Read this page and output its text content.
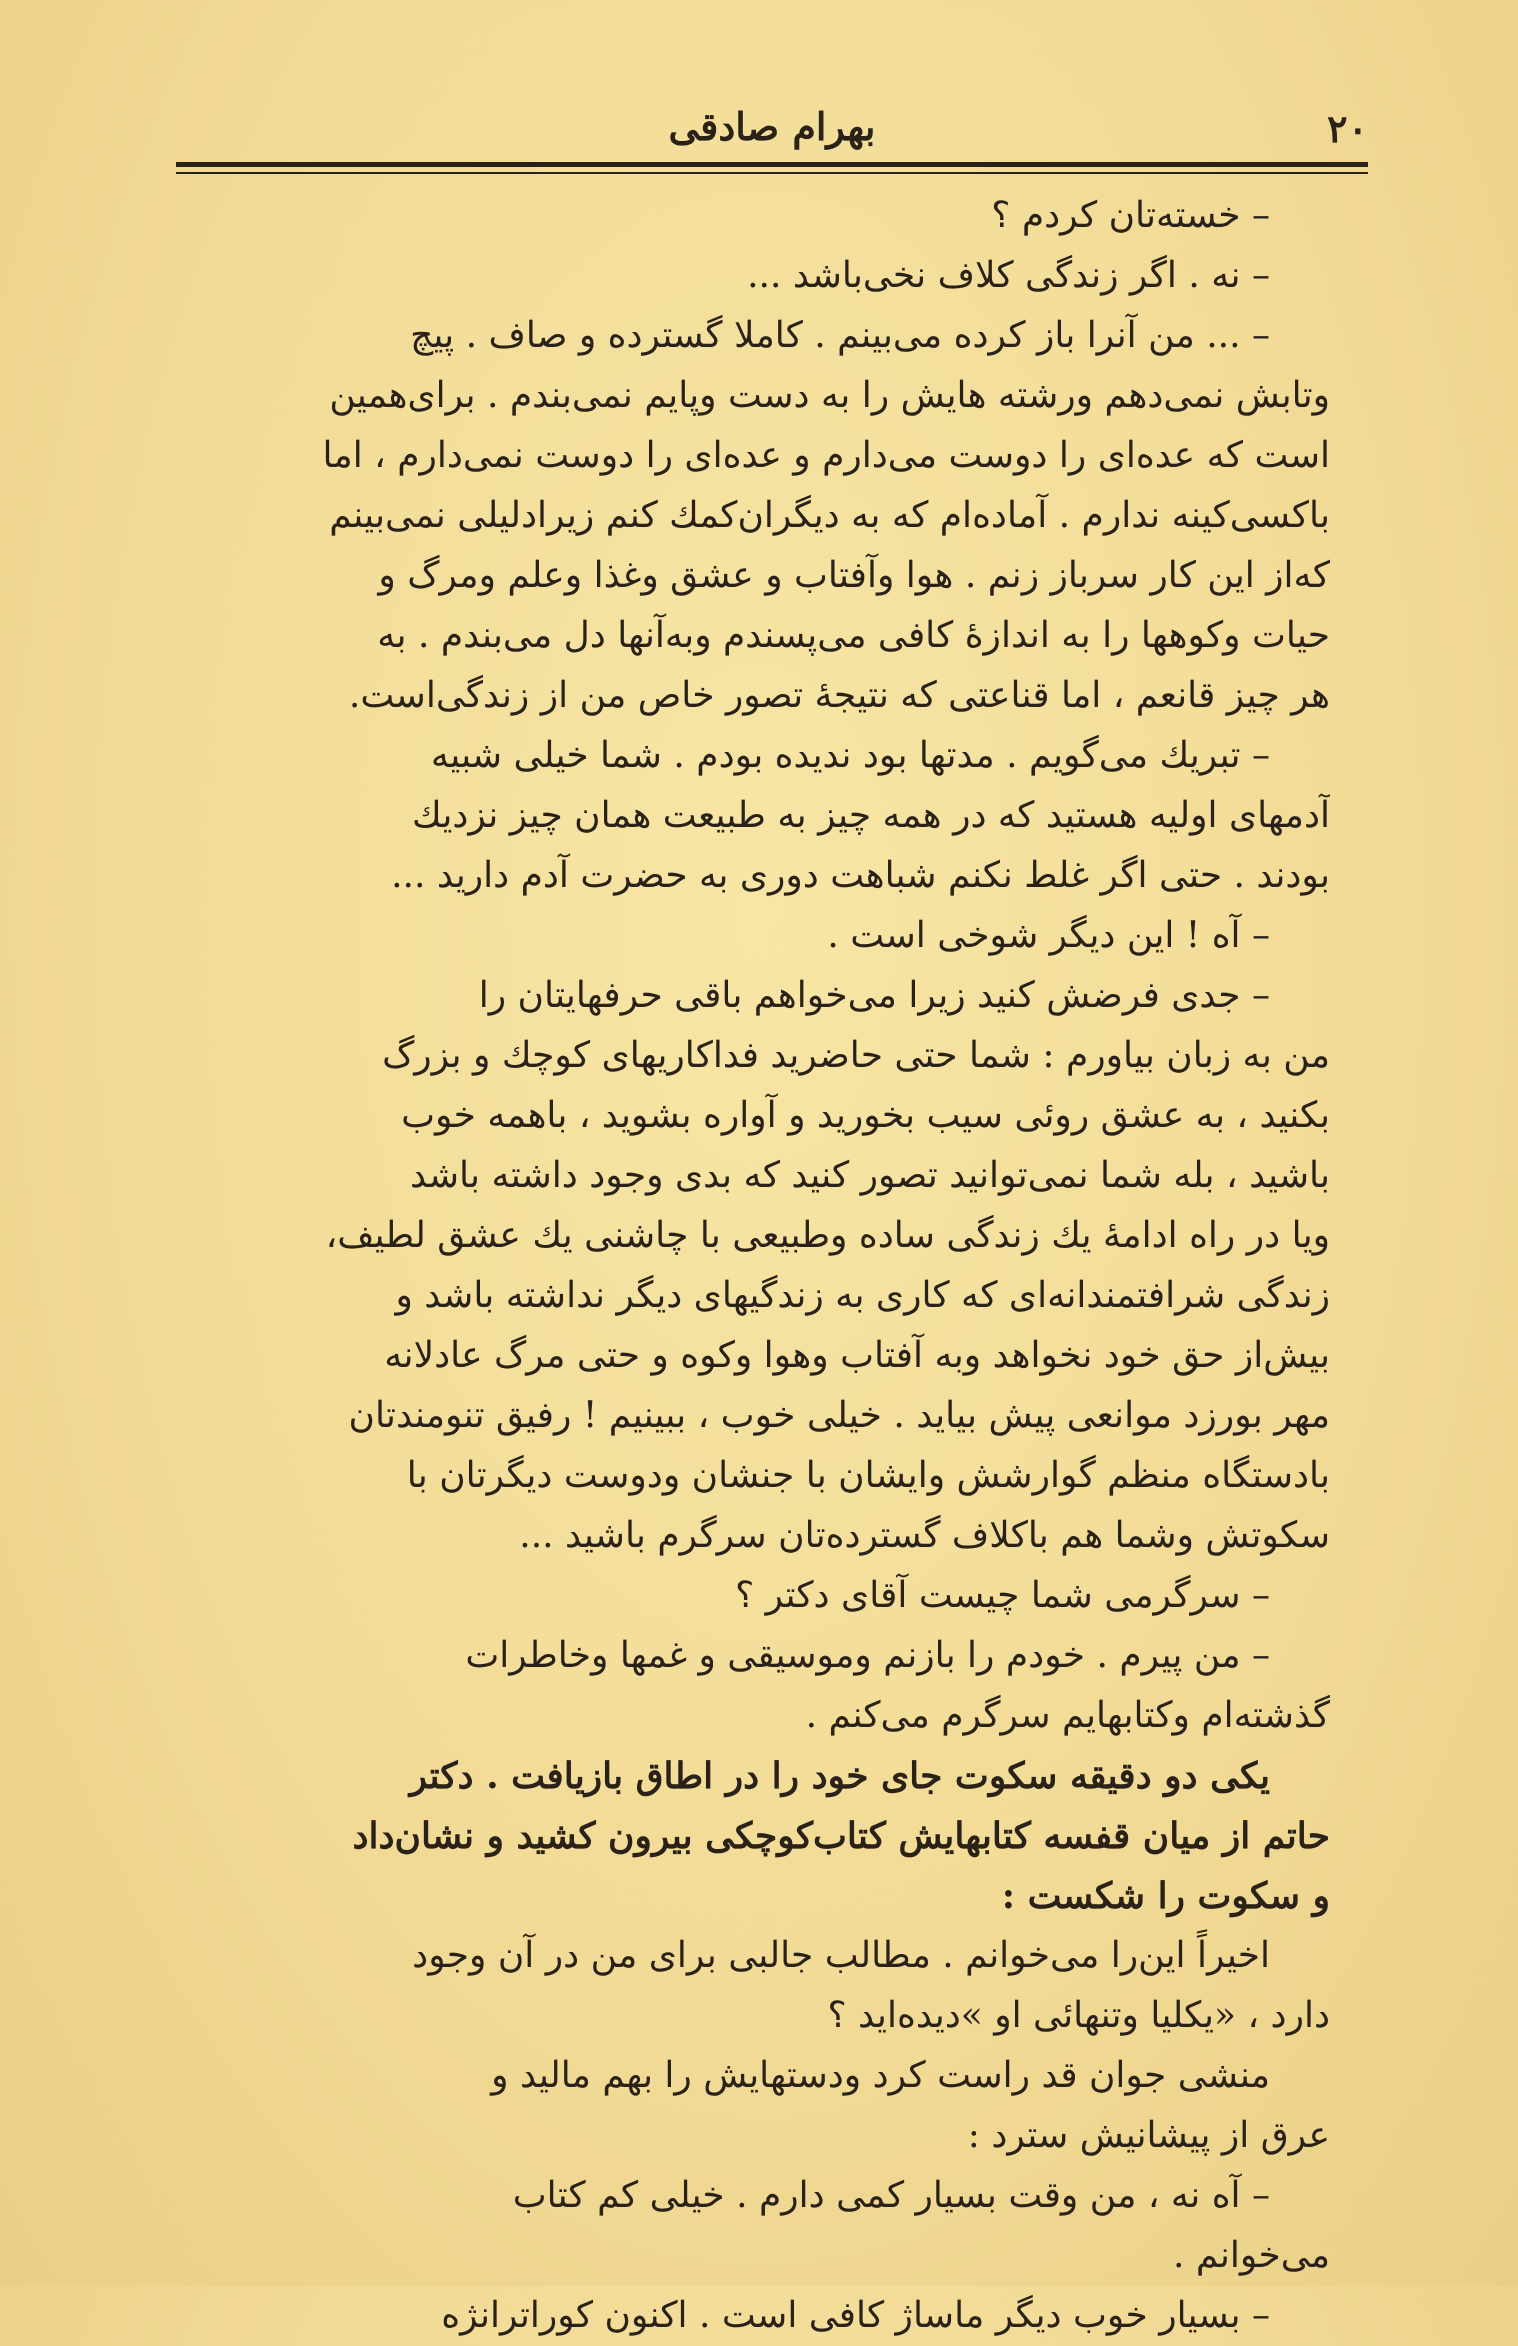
۲۰
بهرام صادقی
– خسته‌تان کردم ؟
– نه . اگر زندگی کلاف نخی‌باشد ...
– ... من آنرا باز کرده می‌بینم . کاملا گسترده و صاف . پیچ
وتابش نمی‌دهم ورشته هایش را به دست وپایم نمی‌بندم . برای‌همین
است که عده‌ای را دوست می‌دارم و عده‌ای را دوست نمی‌دارم ، اما
باکسی‌کینه ندارم . آماده‌ام که به دیگران‌کمك کنم زیرادلیلی نمی‌بینم
که‌از این کار سرباز زنم . هوا وآفتاب و عشق وغذا وعلم ومرگ و
حیات وکوهها را به اندازهٔ کافی می‌پسندم وبه‌آنها دل می‌بندم . به
هر چیز قانعم ، اما قناعتی که نتیجهٔ تصور خاص من از زندگی‌است.
– تبریك می‌گویم . مدتها بود ندیده بودم . شما خیلی شبیه
آدمهای اولیه هستید که در همه چیز به طبیعت همان چیز نزدیك
بودند . حتی اگر غلط نکنم شباهت دوری به حضرت آدم دارید ...
– آه ! این دیگر شوخی است .
– جدی فرضش کنید زیرا می‌خواهم باقی حرفهایتان را
من به زبان بیاورم : شما حتی حاضرید فداکاریهای کوچك و بزرگ
بکنید ، به عشق روئی سیب بخورید و آواره بشوید ، باهمه خوب
باشید ، بله شما نمی‌توانید تصور کنید که بدی وجود داشته باشد
ویا در راه ادامهٔ یك زندگی ساده وطبیعی با چاشنی یك عشق لطیف،
زندگی شرافتمندانه‌ای که کاری به زندگیهای دیگر نداشته باشد و
بیش‌از حق خود نخواهد وبه آفتاب وهوا وکوه و حتی مرگ عادلانه
مهر بورزد موانعی پیش بیاید . خیلی خوب ، ببینیم ! رفیق تنومندتان
بادستگاه منظم گوارشش وایشان با جنشان ودوست دیگرتان با
سکوتش وشما هم باکلاف گسترده‌تان سرگرم باشید ...
– سرگرمی شما چیست آقای دکتر ؟
– من پیرم . خودم را بازنم وموسیقی و غمها وخاطرات
گذشته‌ام وکتابهایم سرگرم می‌کنم .
یکی دو دقیقه سکوت جای خود را در اطاق بازیافت . دکتر
حاتم از میان قفسه کتابهایش کتاب‌کوچکی بیرون کشید و نشان‌داد
و سکوت را شکست :
اخیراً این‌را می‌خوانم . مطالب جالبی برای من در آن وجود
دارد ، «یکلیا وتنهائی او »دیده‌اید ؟
منشی جوان قد راست کرد ودستهایش را بهم مالید و
عرق از پیشانیش سترد :
– آه نه ، من وقت بسیار کمی دارم . خیلی کم کتاب
می‌خوانم .
– بسیار خوب دیگر ماساژ کافی است . اکنون کوراترانژه
